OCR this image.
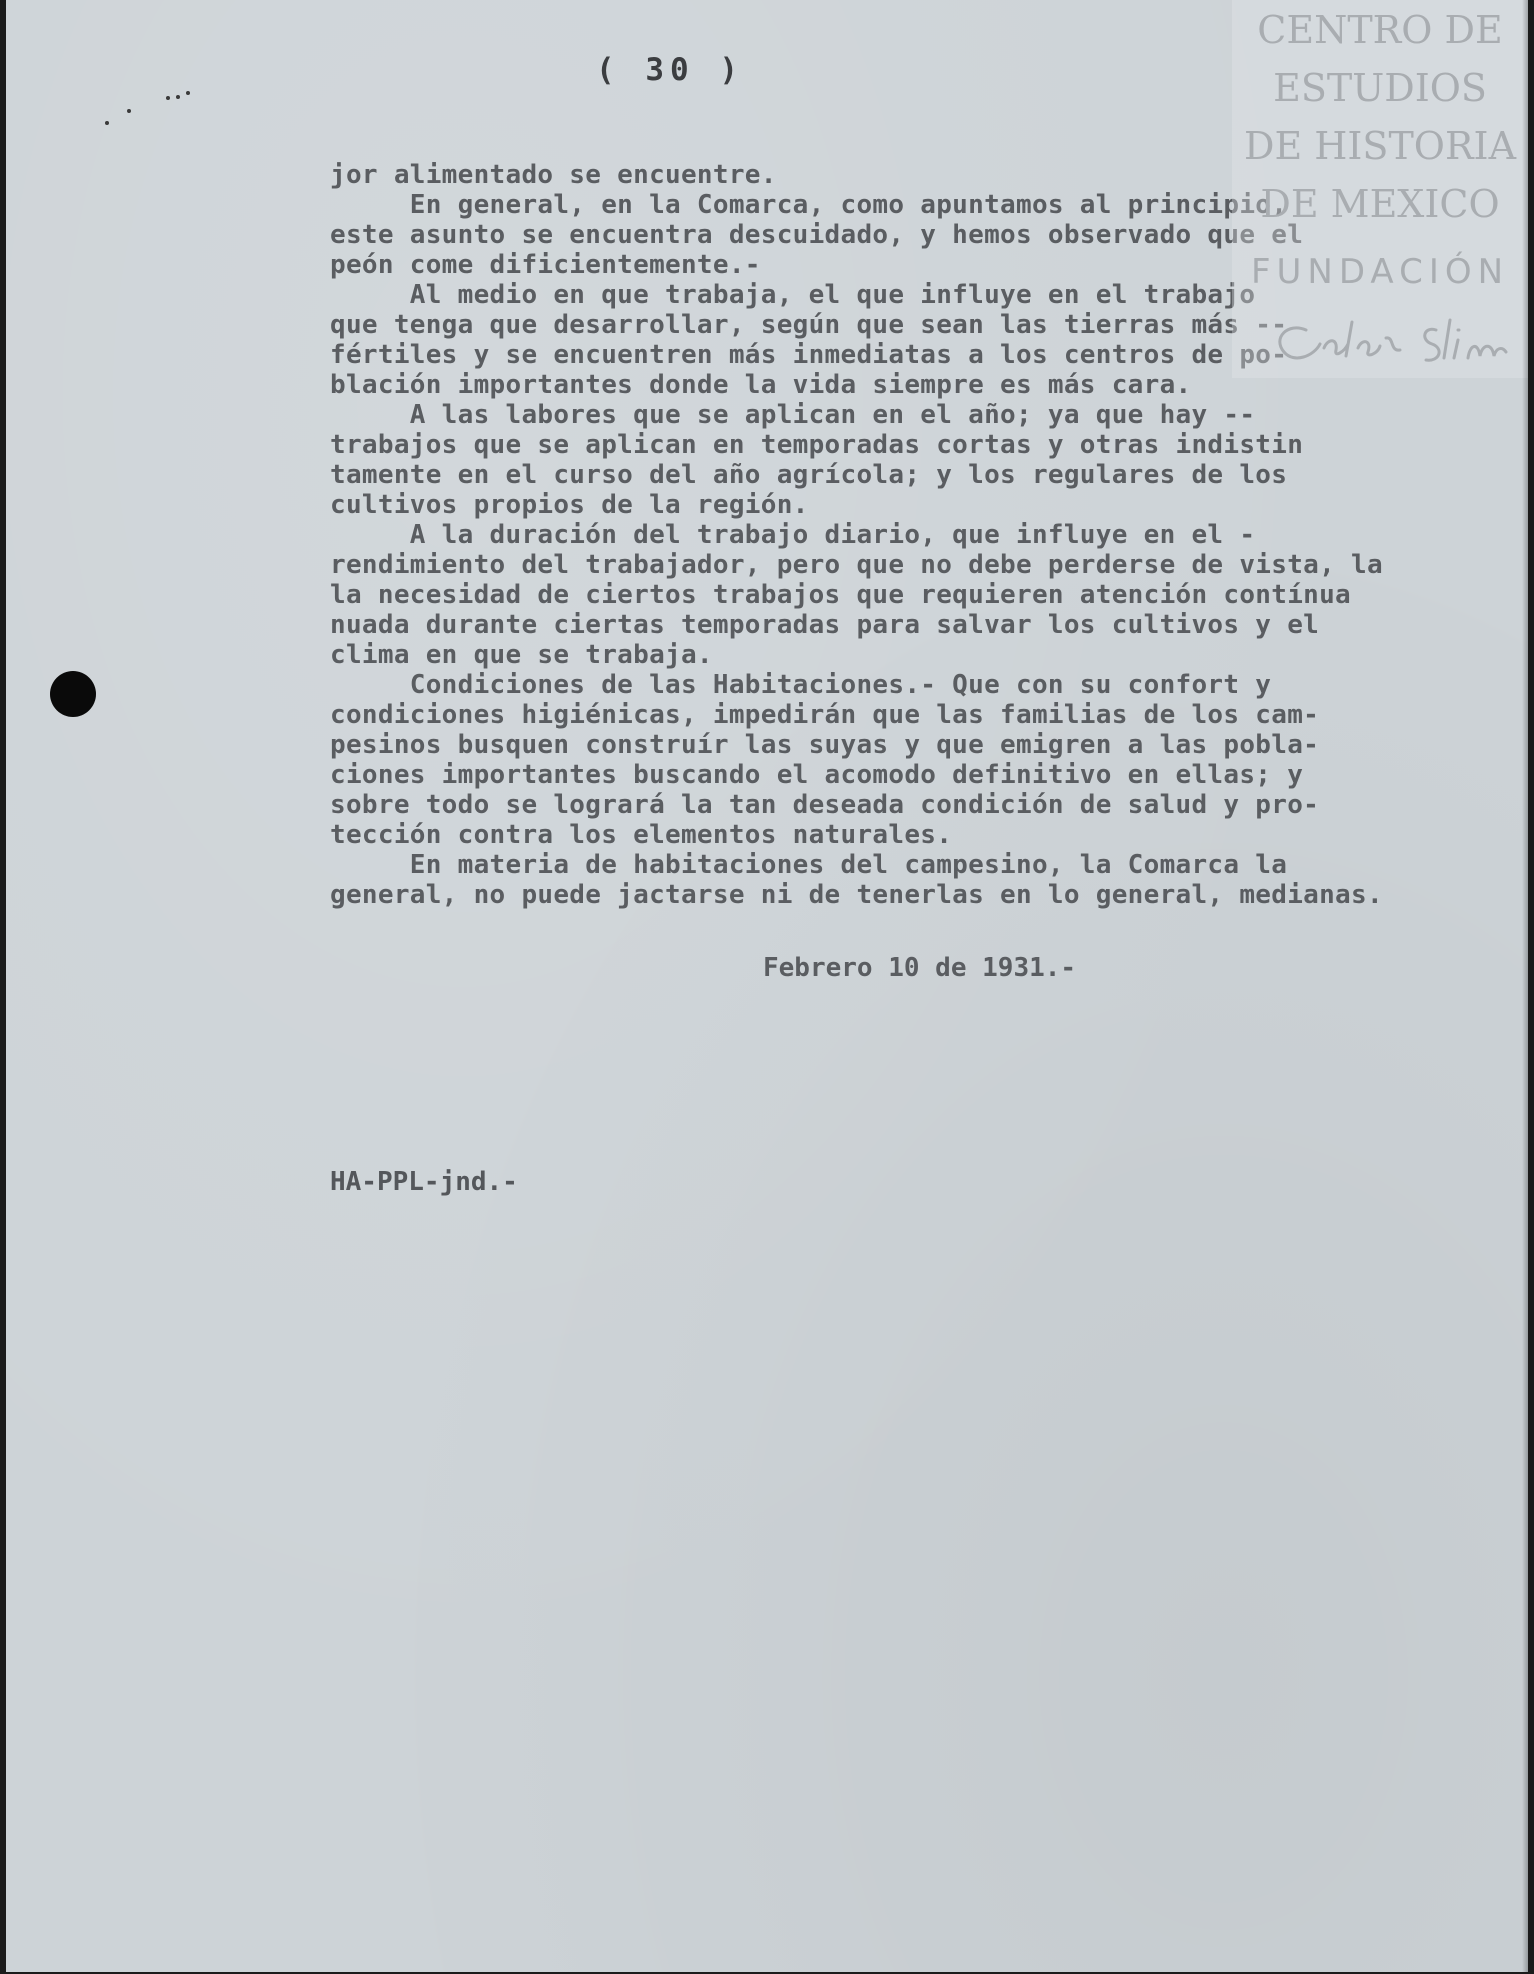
( 30 )
jor alimentado se encuentre.
En general, en la Comarca, como apuntamos al principio,
este asunto se encuentra descuidado, y hemos observado que el
peón come dificientemente.-
Al medio en que trabaja, el que influye en el trabajo
que tenga que desarrollar, según que sean las tierras más --
fértiles y se encuentren más inmediatas a los centros de po-
blación importantes donde la vida siempre es más cara.
A las labores que se aplican en el año; ya que hay --
trabajos que se aplican en temporadas cortas y otras indistin
tamente en el curso del año agrícola; y los regulares de los
cultivos propios de la región.
A la duración del trabajo diario, que influye en el -
rendimiento del trabajador, pero que no debe perderse de vista, la
la necesidad de ciertos trabajos que requieren atención contínua
nuada durante ciertas temporadas para salvar los cultivos y el
clima en que se trabaja.
Condiciones de las Habitaciones.- Que con su confort y
condiciones higiénicas, impedirán que las familias de los cam-
pesinos busquen construír las suyas y que emigren a las pobla-
ciones importantes buscando el acomodo definitivo en ellas; y
sobre todo se logrará la tan deseada condición de salud y pro-
tección contra los elementos naturales.
En materia de habitaciones del campesino, la Comarca la
general, no puede jactarse ni de tenerlas en lo general, medianas.
Febrero 10 de 1931.-
HA-PPL-jnd.-
CENTRO DE
ESTUDIOS
DE HISTORIA
DE MEXICO
FUNDACIÓN
